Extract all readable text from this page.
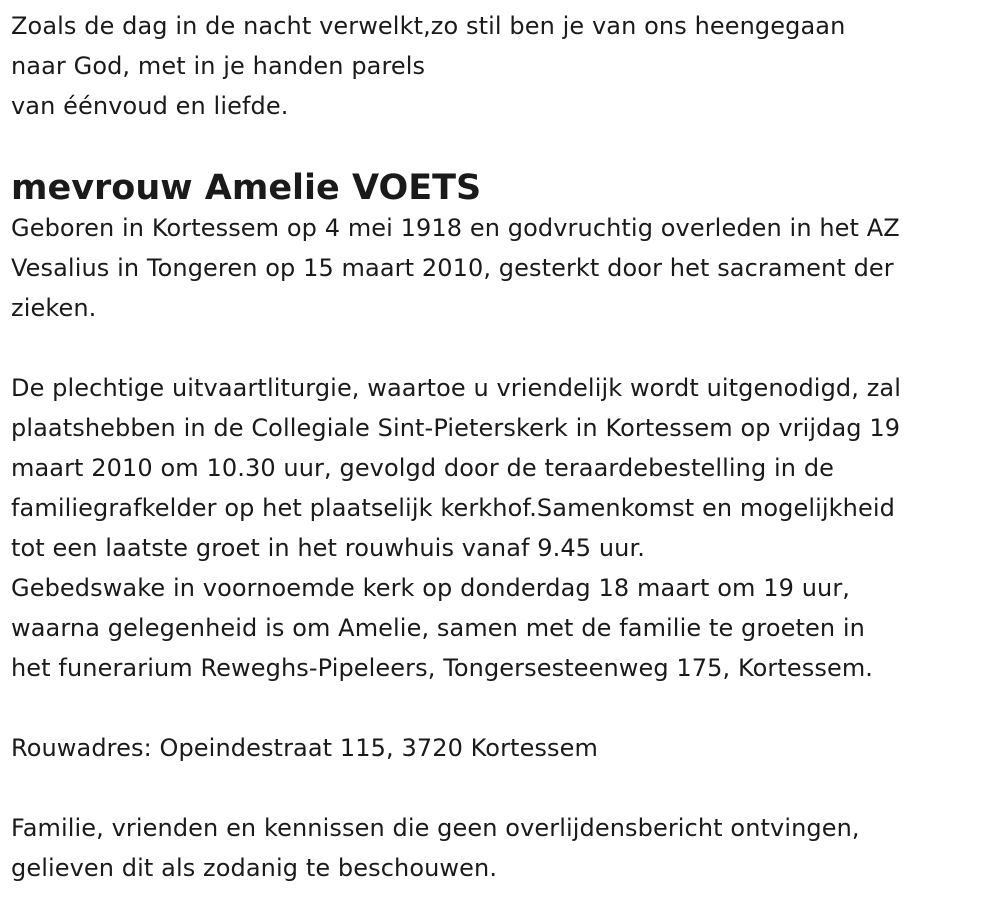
Zoals de dag in de nacht verwelkt,zo stil ben je van ons heengegaan
naar God, met in je handen parels
van éénvoud en liefde.
mevrouw Amelie VOETS
Geboren in Kortessem op 4 mei 1918 en godvruchtig overleden in het AZ
Vesalius in Tongeren op 15 maart 2010, gesterkt door het sacrament der
zieken.
De plechtige uitvaartliturgie, waartoe u vriendelijk wordt uitgenodigd, zal
plaatshebben in de Collegiale Sint-Pieterskerk in Kortessem op vrijdag 19
maart 2010 om 10.30 uur, gevolgd door de teraardebestelling in de
familiegrafkelder op het plaatselijk kerkhof.Samenkomst en mogelijkheid
tot een laatste groet in het rouwhuis vanaf 9.45 uur.
Gebedswake in voornoemde kerk op donderdag 18 maart om 19 uur,
waarna gelegenheid is om Amelie, samen met de familie te groeten in
het funerarium Reweghs-Pipeleers, Tongersesteenweg 175, Kortessem.
Rouwadres: Opeindestraat 115, 3720 Kortessem
Familie, vrienden en kennissen die geen overlijdensbericht ontvingen,
gelieven dit als zodanig te beschouwen.
